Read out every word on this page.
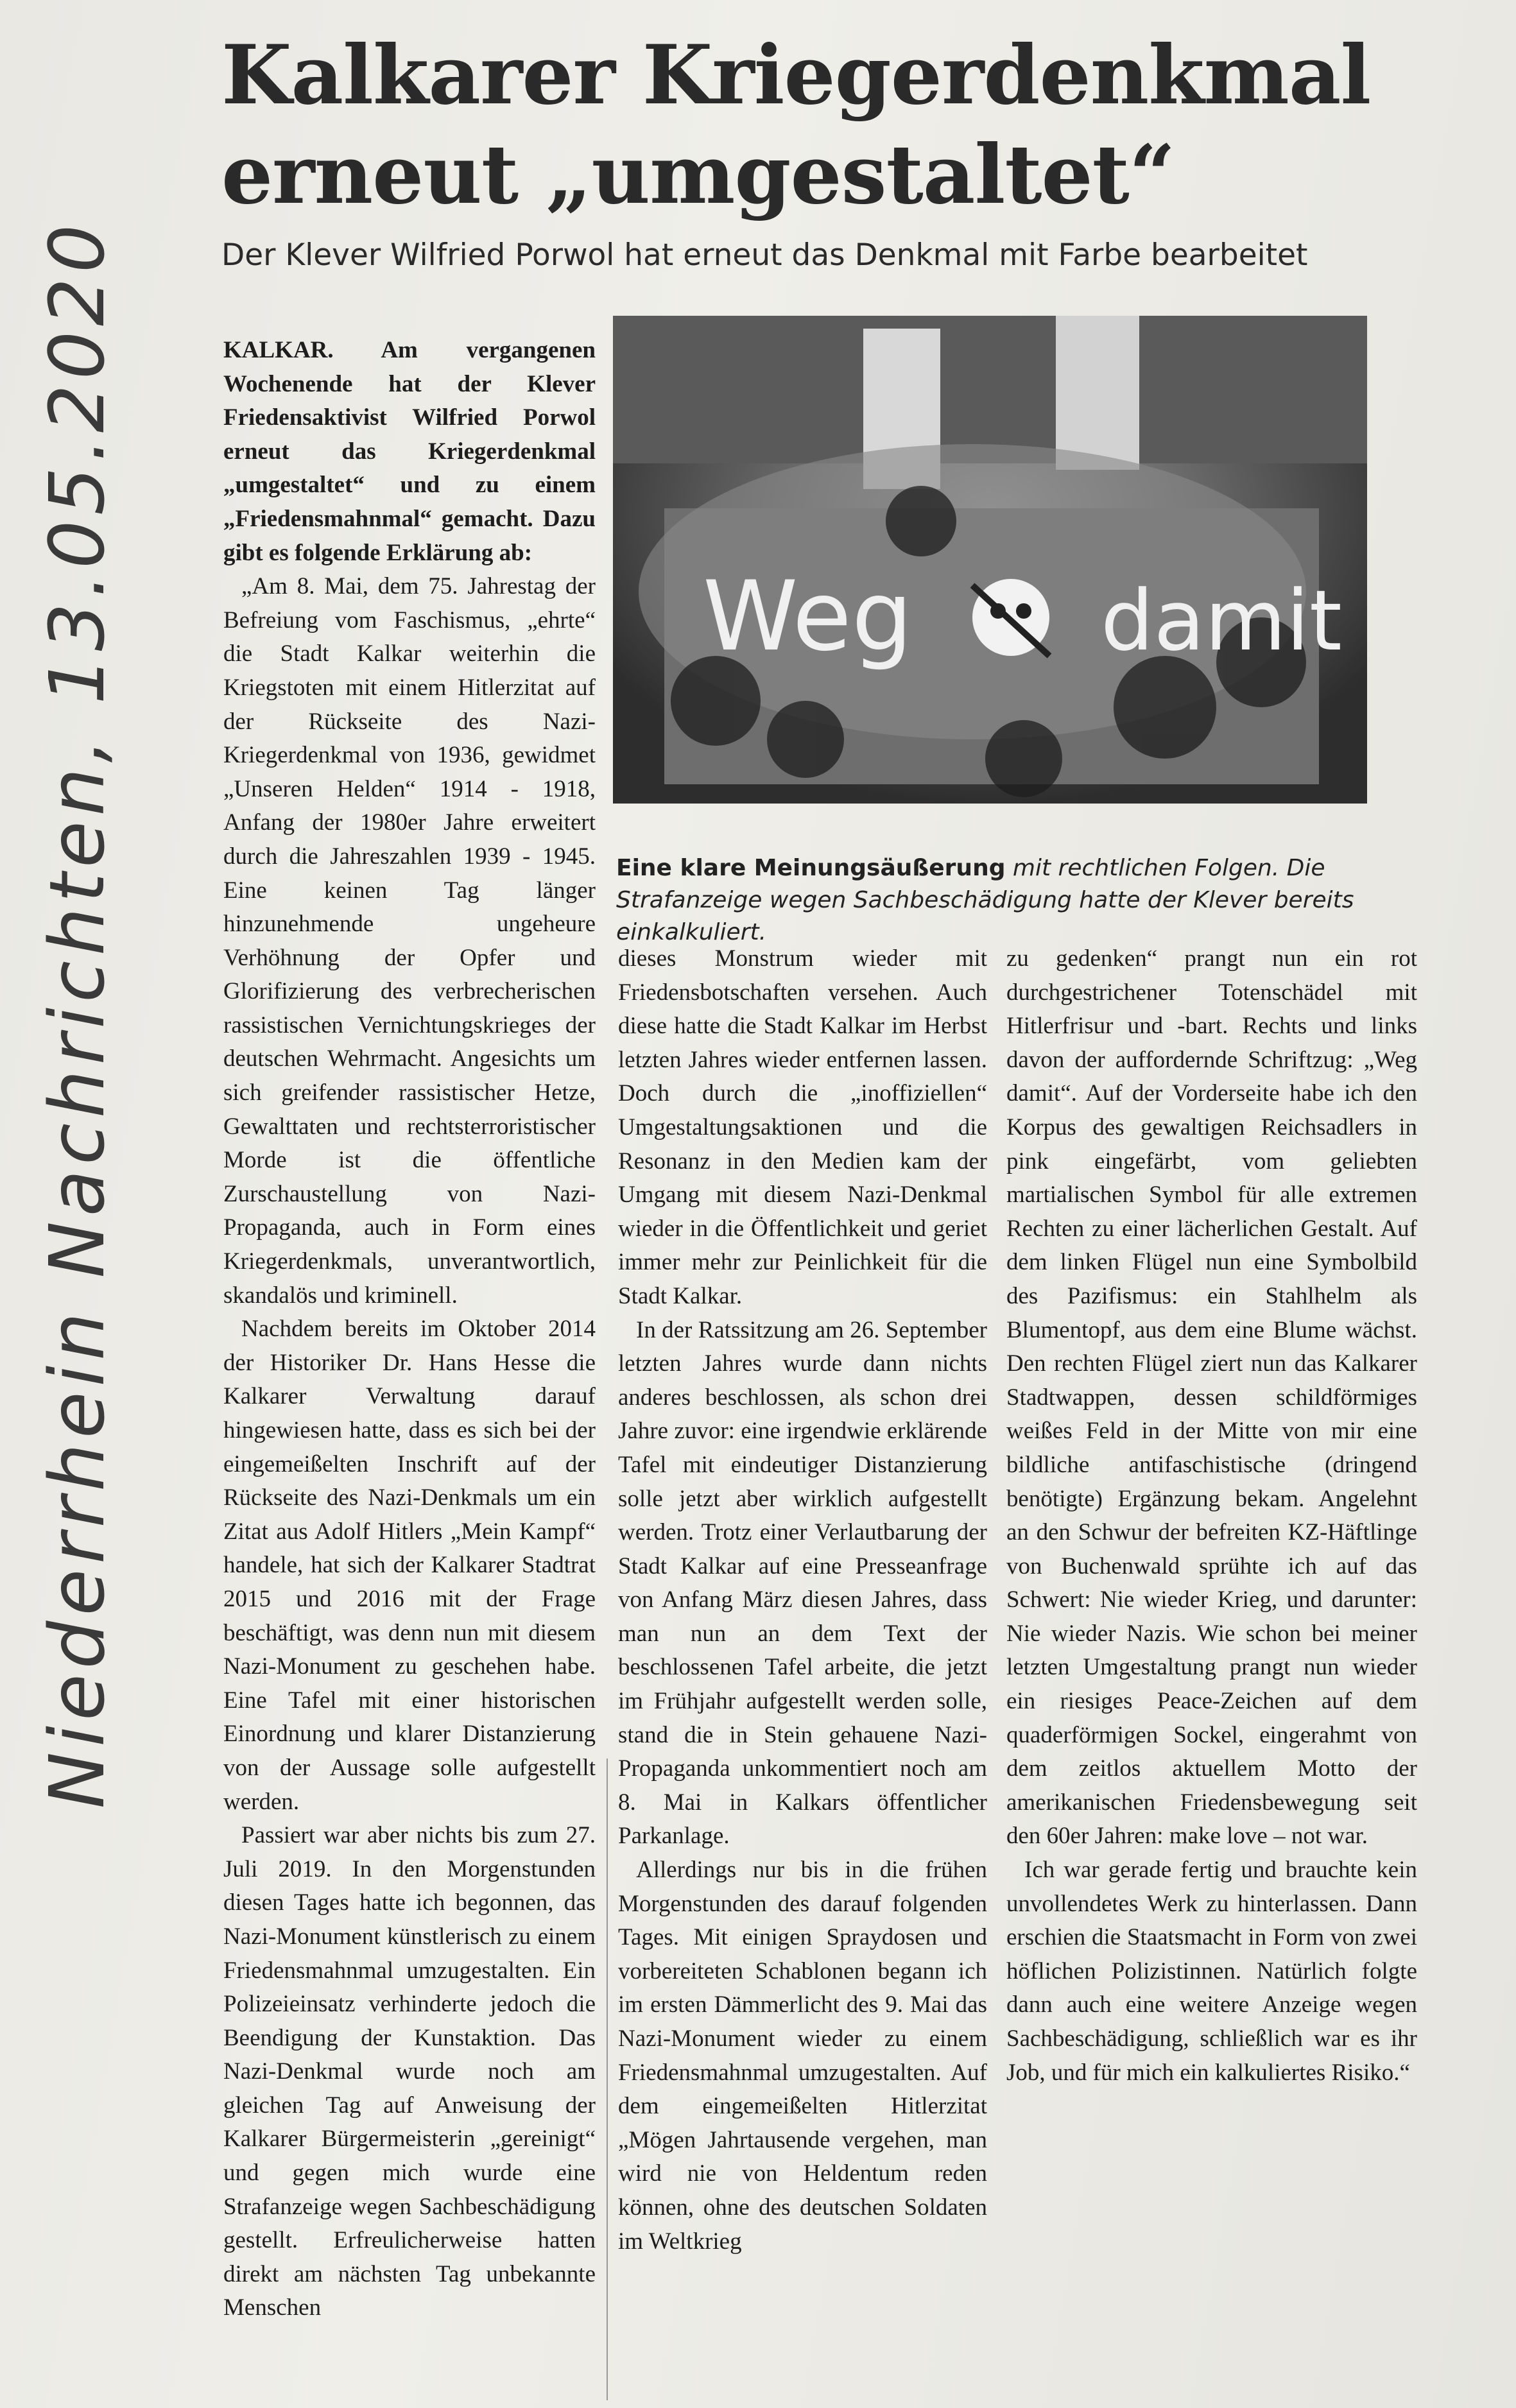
Niederrhein Nachrichten, 13.05.2020
Kalkarer Kriegerdenkmal
erneut „umgestaltet“

Der Klever Wilfried Porwol hat erneut das Denkmal mit Farbe bearbeitet

KALKAR. Am vergangenen Wochenende hat der Klever Friedensaktivist Wilfried Porwol erneut das Kriegerdenkmal „umgestaltet“ und zu einem „Friedensmahnmal“ gemacht. Dazu gibt es folgende Erklärung ab:

„Am 8. Mai, dem 75. Jahrestag der Befreiung vom Faschismus, „ehrte“ die Stadt Kalkar weiterhin die Kriegstoten mit einem Hitlerzitat auf der Rückseite des Nazi-Kriegerdenkmal von 1936, gewidmet „Unseren Helden“ 1914 - 1918, Anfang der 1980er Jahre erweitert durch die Jahreszahlen 1939 - 1945. Eine keinen Tag länger hinzunehmende ungeheure Verhöhnung der Opfer und Glorifizierung des verbrecherischen rassistischen Vernichtungskrieges der deutschen Wehrmacht. Angesichts um sich greifender rassistischer Hetze, Gewalttaten und rechtsterroristischer Morde ist die öffentliche Zurschaustellung von Nazi-Propaganda, auch in Form eines Kriegerdenkmals, unverantwortlich, skandalös und kriminell.

Nachdem bereits im Oktober 2014 der Historiker Dr. Hans Hesse die Kalkarer Verwaltung darauf hingewiesen hatte, dass es sich bei der eingemeißelten Inschrift auf der Rückseite des Nazi-Denkmals um ein Zitat aus Adolf Hitlers „Mein Kampf“ handele, hat sich der Kalkarer Stadtrat 2015 und 2016 mit der Frage beschäftigt, was denn nun mit diesem Nazi-Monument zu geschehen habe. Eine Tafel mit einer historischen Einordnung und klarer Distanzierung von der Aussage solle aufgestellt werden.

Passiert war aber nichts bis zum 27. Juli 2019. In den Morgenstunden diesen Tages hatte ich begonnen, das Nazi-Monument künstlerisch zu einem Friedensmahnmal umzugestalten. Ein Polizeieinsatz verhinderte jedoch die Beendigung der Kunstaktion. Das Nazi-Denkmal wurde noch am gleichen Tag auf Anweisung der Kalkarer Bürgermeisterin „gereinigt“ und gegen mich wurde eine Strafanzeige wegen Sachbeschädigung gestellt. Erfreulicherweise hatten direkt am nächsten Tag unbekannte Menschen

Weg damit

Eine klare Meinungsäußerung mit rechtlichen Folgen. Die Strafanzeige wegen Sachbeschädigung hatte der Klever bereits einkalkuliert.

dieses Monstrum wieder mit Friedensbotschaften versehen. Auch diese hatte die Stadt Kalkar im Herbst letzten Jahres wieder entfernen lassen. Doch durch die „inoffiziellen“ Umgestaltungsaktionen und die Resonanz in den Medien kam der Umgang mit diesem Nazi-Denkmal wieder in die Öffentlichkeit und geriet immer mehr zur Peinlichkeit für die Stadt Kalkar.

In der Ratssitzung am 26. September letzten Jahres wurde dann nichts anderes beschlossen, als schon drei Jahre zuvor: eine irgendwie erklärende Tafel mit eindeutiger Distanzierung solle jetzt aber wirklich aufgestellt werden. Trotz einer Verlautbarung der Stadt Kalkar auf eine Presseanfrage von Anfang März diesen Jahres, dass man nun an dem Text der beschlossenen Tafel arbeite, die jetzt im Frühjahr aufgestellt werden solle, stand die in Stein gehauene Nazi-Propaganda unkommentiert noch am 8. Mai in Kalkars öffentlicher Parkanlage.

Allerdings nur bis in die frühen Morgenstunden des darauf folgenden Tages. Mit einigen Spraydosen und vorbereiteten Schablonen begann ich im ersten Dämmerlicht des 9. Mai das Nazi-Monument wieder zu einem Friedensmahnmal umzugestalten. Auf dem eingemeißelten Hitlerzitat „Mögen Jahrtausende vergehen, man wird nie von Heldentum reden können, ohne des deutschen Soldaten im Weltkrieg

zu gedenken“ prangt nun ein rot durchgestrichener Totenschädel mit Hitlerfrisur und -bart. Rechts und links davon der auffordernde Schriftzug: „Weg damit“. Auf der Vorderseite habe ich den Korpus des gewaltigen Reichsadlers in pink eingefärbt, vom geliebten martialischen Symbol für alle extremen Rechten zu einer lächerlichen Gestalt. Auf dem linken Flügel nun eine Symbolbild des Pazifismus: ein Stahlhelm als Blumentopf, aus dem eine Blume wächst. Den rechten Flügel ziert nun das Kalkarer Stadtwappen, dessen schildförmiges weißes Feld in der Mitte von mir eine bildliche antifaschistische (dringend benötigte) Ergänzung bekam. Angelehnt an den Schwur der befreiten KZ-Häftlinge von Buchenwald sprühte ich auf das Schwert: Nie wieder Krieg, und darunter: Nie wieder Nazis. Wie schon bei meiner letzten Umgestaltung prangt nun wieder ein riesiges Peace-Zeichen auf dem quaderförmigen Sockel, eingerahmt von dem zeitlos aktuellem Motto der amerikanischen Friedensbewegung seit den 60er Jahren: make love – not war.

Ich war gerade fertig und brauchte kein unvollendetes Werk zu hinterlassen. Dann erschien die Staatsmacht in Form von zwei höflichen Polizistinnen. Natürlich folgte dann auch eine weitere Anzeige wegen Sachbeschädigung, schließlich war es ihr Job, und für mich ein kalkuliertes Risiko.“
